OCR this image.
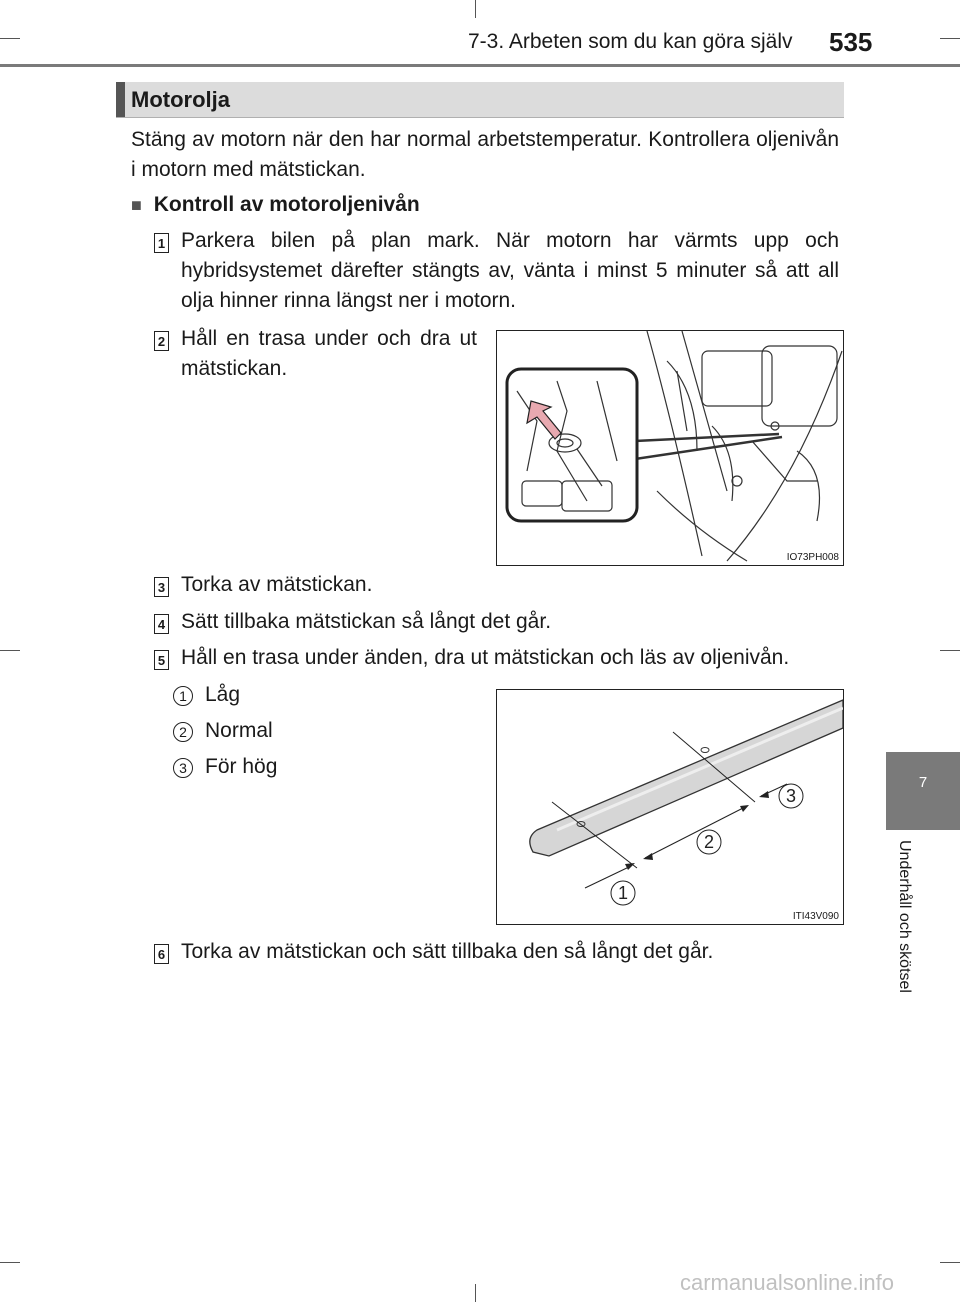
7-3. Arbeten som du kan göra själv 535
Motorolja
Stäng av motorn när den har normal arbetstemperatur. Kontrollera oljenivån i motorn med mätstickan.
■ Kontroll av motoroljenivån
1 Parkera bilen på plan mark. När motorn har värmts upp och hybridsystemet därefter stängts av, vänta i minst 5 minuter så att all olja hinner rinna längst ner i motorn.
2 Håll en trasa under och dra ut mätstickan.
IO73PH008
3 Torka av mätstickan.
4 Sätt tillbaka mätstickan så långt det går.
5 Håll en trasa under änden, dra ut mätstickan och läs av oljenivån.
1 Låg
2 Normal
3 För hög
1
2
3
ITI43V090
6 Torka av mätstickan och sätt tillbaka den så långt det går.
7
Underhåll och skötsel
carmanualsonline.info
